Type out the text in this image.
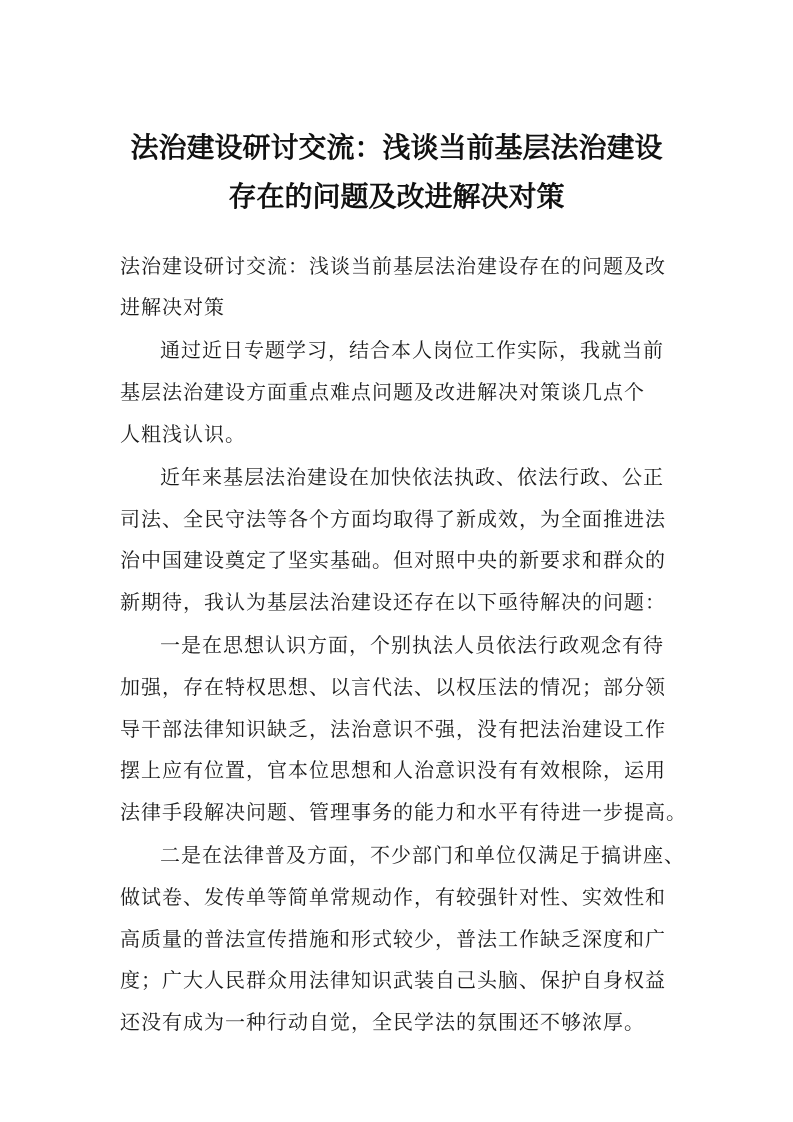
法治建设研讨交流：浅谈当前基层法治建设
存在的问题及改进解决对策
法治建设研讨交流：浅谈当前基层法治建设存在的问题及改
进解决对策
通过近日专题学习，结合本人岗位工作实际，我就当前
基层法治建设方面重点难点问题及改进解决对策谈几点个
人粗浅认识。
近年来基层法治建设在加快依法执政、依法行政、公正
司法、全民守法等各个方面均取得了新成效，为全面推进法
治中国建设奠定了坚实基础。但对照中央的新要求和群众的
新期待，我认为基层法治建设还存在以下亟待解决的问题：
一是在思想认识方面，个别执法人员依法行政观念有待
加强，存在特权思想、以言代法、以权压法的情况；部分领
导干部法律知识缺乏，法治意识不强，没有把法治建设工作
摆上应有位置，官本位思想和人治意识没有有效根除，运用
法律手段解决问题、管理事务的能力和水平有待进一步提高。
二是在法律普及方面，不少部门和单位仅满足于搞讲座、
做试卷、发传单等简单常规动作，有较强针对性、实效性和
高质量的普法宣传措施和形式较少，普法工作缺乏深度和广
度；广大人民群众用法律知识武装自己头脑、保护自身权益
还没有成为一种行动自觉，全民学法的氛围还不够浓厚。
